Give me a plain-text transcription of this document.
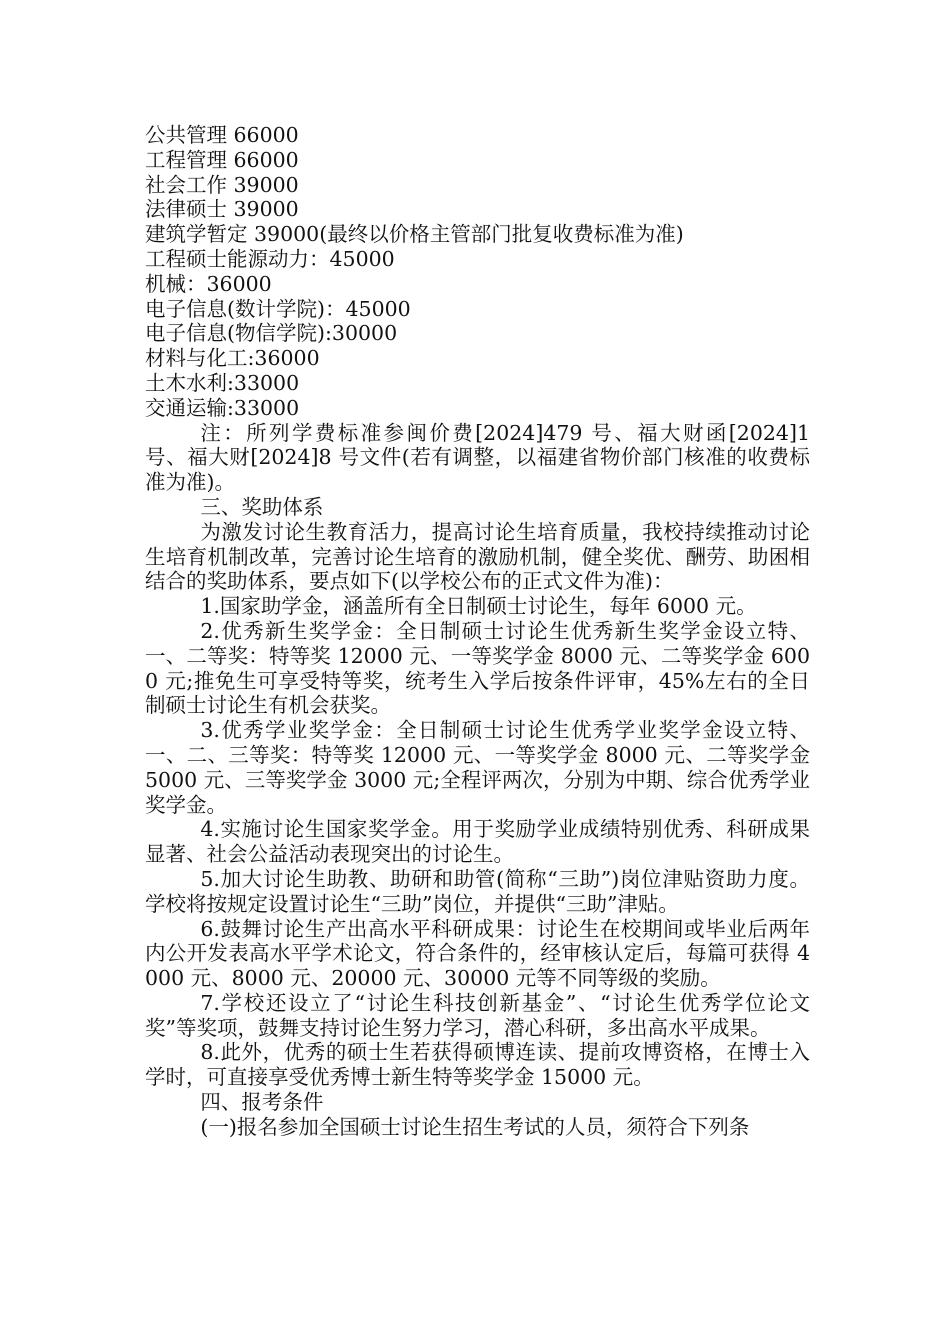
公共管理 66000

工程管理 66000

社会工作 39000

法律硕士 39000

建筑学暂定 39000(最终以价格主管部门批复收费标准为准)

工程硕士能源动力：45000

机械：36000

电子信息(数计学院)：45000

电子信息(物信学院):30000

材料与化工:36000

土木水利:33000

交通运输:33000

注：所列学费标准参闽价费[2024]479 号、福大财函[2024]1 号、福大财[2024]8 号文件(若有调整，以福建省物价部门核准的收费标准为准)。

三、奖助体系

为激发讨论生教育活力，提高讨论生培育质量，我校持续推动讨论生培育机制改革，完善讨论生培育的激励机制，健全奖优、酬劳、助困相结合的奖助体系，要点如下(以学校公布的正式文件为准)：

1.国家助学金，涵盖所有全日制硕士讨论生，每年 6000 元。

2.优秀新生奖学金：全日制硕士讨论生优秀新生奖学金设立特、一、二等奖：特等奖 12000 元、一等奖学金 8000 元、二等奖学金 6000 元;推免生可享受特等奖，统考生入学后按条件评审，45%左右的全日制硕士讨论生有机会获奖。

3.优秀学业奖学金：全日制硕士讨论生优秀学业奖学金设立特、一、二、三等奖：特等奖 12000 元、一等奖学金 8000 元、二等奖学金 5000 元、三等奖学金 3000 元;全程评两次，分别为中期、综合优秀学业奖学金。

4.实施讨论生国家奖学金。用于奖励学业成绩特别优秀、科研成果显著、社会公益活动表现突出的讨论生。

5.加大讨论生助教、助研和助管(简称“三助”)岗位津贴资助力度。学校将按规定设置讨论生“三助”岗位，并提供“三助”津贴。

6.鼓舞讨论生产出高水平科研成果：讨论生在校期间或毕业后两年内公开发表高水平学术论文，符合条件的，经审核认定后，每篇可获得 4000 元、8000 元、20000 元、30000 元等不同等级的奖励。

7.学校还设立了“讨论生科技创新基金”、“讨论生优秀学位论文奖”等奖项，鼓舞支持讨论生努力学习，潜心科研，多出高水平成果。

8.此外，优秀的硕士生若获得硕博连读、提前攻博资格，在博士入学时，可直接享受优秀博士新生特等奖学金 15000 元。

四、报考条件

(一)报名参加全国硕士讨论生招生考试的人员，须符合下列条
